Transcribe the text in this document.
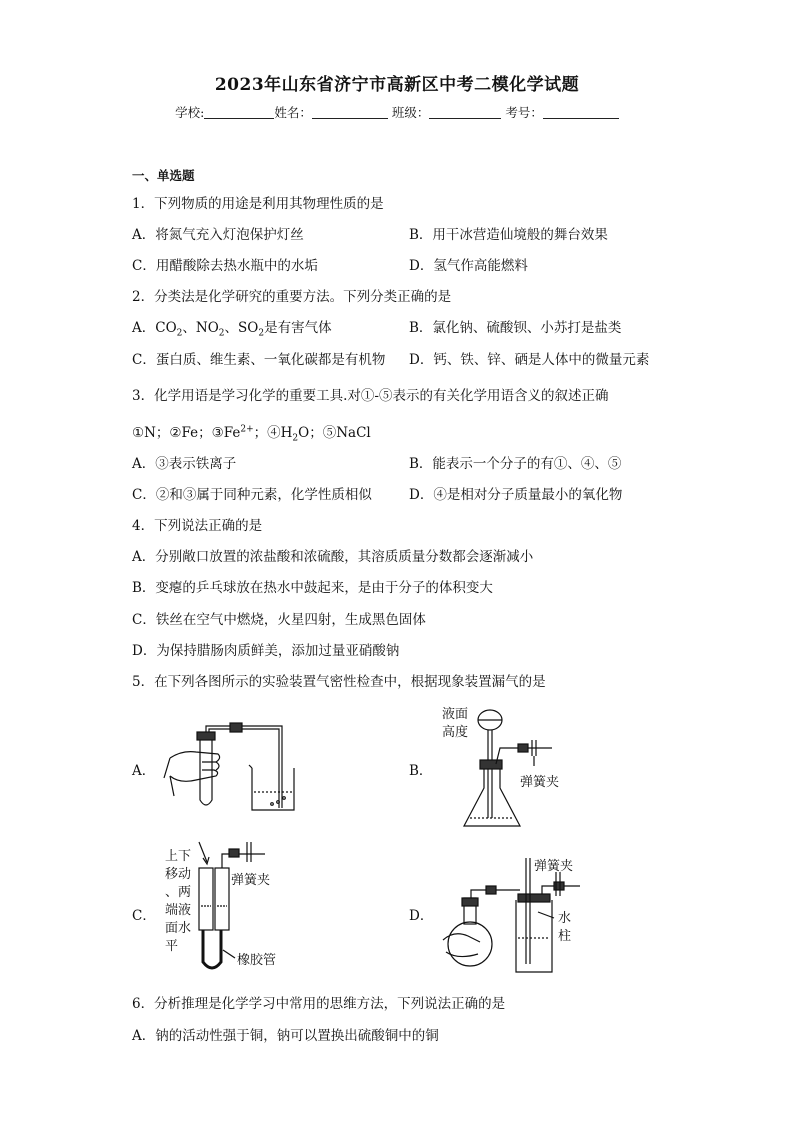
2023年山东省济宁市高新区中考二模化学试题
学校:	姓名：	班级：	考号：
一、单选题
1．下列物质的用途是利用其物理性质的是
A．将氮气充入灯泡保护灯丝	B．用干冰营造仙境般的舞台效果
C．用醋酸除去热水瓶中的水垢	D．氢气作高能燃料
2．分类法是化学研究的重要方法。下列分类正确的是
A．$CO_2$、$NO_2$、$SO_2$是有害气体	B．氯化钠、硫酸钡、小苏打是盐类
C．蛋白质、维生素、一氧化碳都是有机物 D．钙、铁、锌、硒是人体中的微量元素
3．化学用语是学习化学的重要工具.对①-⑤表示的有关化学用语含义的叙述正确
①N；②Fe；$③Fe^{2+}$；$④H_2O$；⑤NaCl
A．③表示铁离子	B．能表示一个分子的有①、④、⑤
C．②和③属于同种元素，化学性质相似	D．④是相对分子质量最小的氧化物
4．下列说法正确的是
A．分别敞口放置的浓盐酸和浓硫酸，其溶质质量分数都会逐渐减小
B．变瘪的乒乓球放在热水中鼓起来，是由于分子的体积变大
C．铁丝在空气中燃烧，火星四射，生成黑色固体
D．为保持腊肠肉质鲜美，添加过量亚硝酸钠
5．在下列各图所示的实验装置气密性检查中，根据现象装置漏气的是
A．	B．
C．	D．
液面
高度
弹簧夹
上下
移动
、两
端液
面水
平
弹簧夹
橡胶管
弹簧夹
水
柱
6．分析推理是化学学习中常用的思维方法，下列说法正确的是
A．钠的活动性强于铜，钠可以置换出硫酸铜中的铜
